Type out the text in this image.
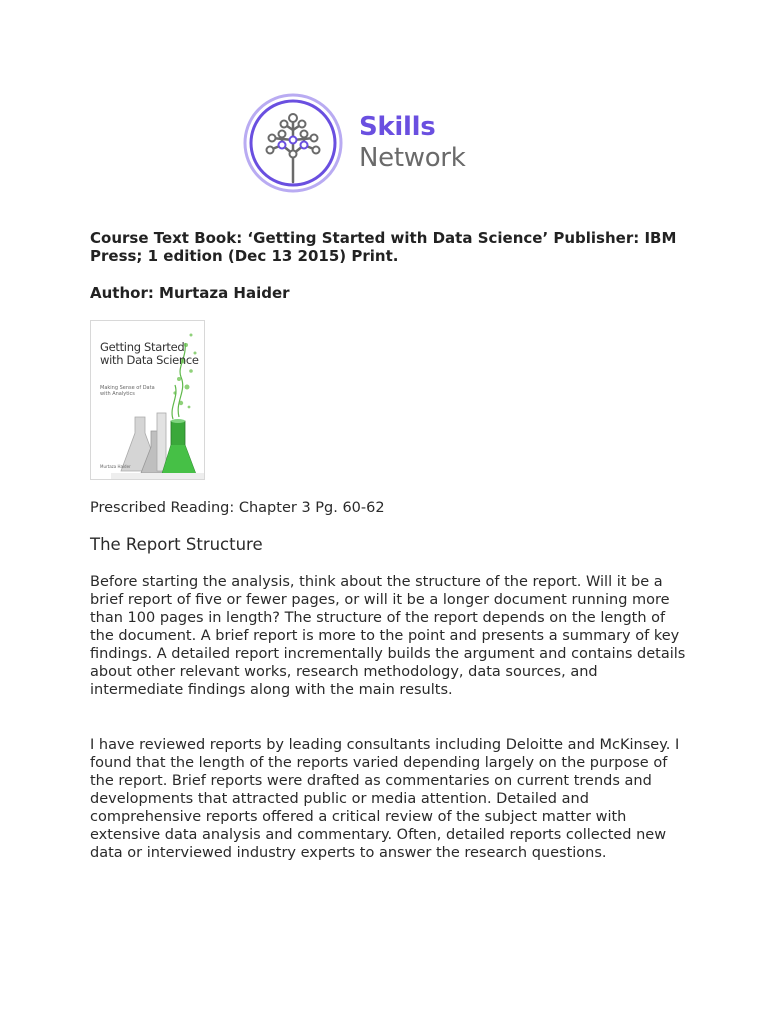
Skills
Network
Course Text Book: ‘Getting Started with Data Science’ Publisher: IBM Press; 1 edition (Dec 13 2015) Print.
Author: Murtaza Haider
Getting Started with Data Science
Making Sense of Data with Analytics
Murtaza Haider
Prescribed Reading: Chapter 3 Pg. 60-62
The Report Structure
Before starting the analysis, think about the structure of the report. Will it be a brief report of five or fewer pages, or will it be a longer document running more than 100 pages in length? The structure of the report depends on the length of the document. A brief report is more to the point and presents a summary of key findings. A detailed report incrementally builds the argument and contains details about other relevant works, research methodology, data sources, and intermediate findings along with the main results.
I have reviewed reports by leading consultants including Deloitte and McKinsey. I found that the length of the reports varied depending largely on the purpose of the report. Brief reports were drafted as commentaries on current trends and developments that attracted public or media attention. Detailed and comprehensive reports offered a critical review of the subject matter with extensive data analysis and commentary. Often, detailed reports collected new data or interviewed industry experts to answer the research questions.
